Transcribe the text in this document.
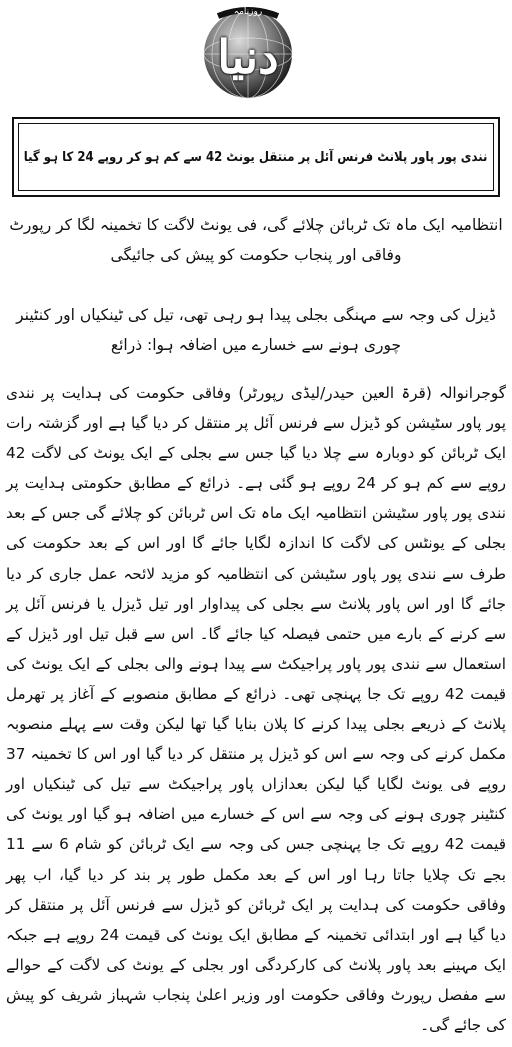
دنیا
روزنامہ
نندی پور پاور پلانٹ فرنس آئل پر منتقل یونٹ 42 سے کم ہو کر روپے 24 کا ہو گیا
انتظامیہ ایک ماہ تک ٹربائن چلائے گی، فی یونٹ لاگت کا تخمینہ لگا کر رپورٹ وفاقی اور پنجاب حکومت کو پیش کی جائیگی
ڈیزل کی وجہ سے مہنگی بجلی پیدا ہو رہی تھی، تیل کی ٹینکیاں اور کنٹینر چوری ہونے سے خسارے میں اضافہ ہوا: ذرائع
گوجرانوالہ (قرۃ العین حیدر/لیڈی رپورٹر) وفاقی حکومت کی ہدایت پر نندی پور پاور سٹیشن کو ڈیزل سے فرنس آئل پر منتقل کر دیا گیا ہے اور گزشتہ رات ایک ٹربائن کو دوبارہ سے چلا دیا گیا جس سے بجلی کے ایک یونٹ کی لاگت 42 روپے سے کم ہو کر 24 روپے ہو گئی ہے۔ ذرائع کے مطابق حکومتی ہدایت پر نندی پور پاور سٹیشن انتظامیہ ایک ماہ تک اس ٹربائن کو چلائے گی جس کے بعد بجلی کے یونٹس کی لاگت کا اندازہ لگایا جائے گا اور اس کے بعد حکومت کی طرف سے نندی پور پاور سٹیشن کی انتظامیہ کو مزید لائحہ عمل جاری کر دیا جائے گا اور اس پاور پلانٹ سے بجلی کی پیداوار اور تیل ڈیزل یا فرنس آئل پر سے کرنے کے بارے میں حتمی فیصلہ کیا جائے گا۔ اس سے قبل تیل اور ڈیزل کے استعمال سے نندی پور پاور پراجیکٹ سے پیدا ہونے والی بجلی کے ایک یونٹ کی قیمت 42 روپے تک جا پہنچی تھی۔ ذرائع کے مطابق منصوبے کے آغاز پر تھرمل پلانٹ کے ذریعے بجلی پیدا کرنے کا پلان بنایا گیا تھا لیکن وقت سے پہلے منصوبہ مکمل کرنے کی وجہ سے اس کو ڈیزل پر منتقل کر دیا گیا اور اس کا تخمینہ 37 روپے فی یونٹ لگایا گیا لیکن بعدازاں پاور پراجیکٹ سے تیل کی ٹینکیاں اور کنٹینر چوری ہونے کی وجہ سے اس کے خسارے میں اضافہ ہو گیا اور یونٹ کی قیمت 42 روپے تک جا پہنچی جس کی وجہ سے ایک ٹربائن کو شام 6 سے 11 بجے تک چلایا جاتا رہا اور اس کے بعد مکمل طور پر بند کر دیا گیا، اب پھر وفاقی حکومت کی ہدایت پر ایک ٹربائن کو ڈیزل سے فرنس آئل پر منتقل کر دیا گیا ہے اور ابتدائی تخمینہ کے مطابق ایک یونٹ کی قیمت 24 روپے ہے جبکہ ایک مہینے بعد پاور پلانٹ کی کارکردگی اور بجلی کے یونٹ کی لاگت کے حوالے سے مفصل رپورٹ وفاقی حکومت اور وزیر اعلیٰ پنجاب شہباز شریف کو پیش کی جائے گی۔
